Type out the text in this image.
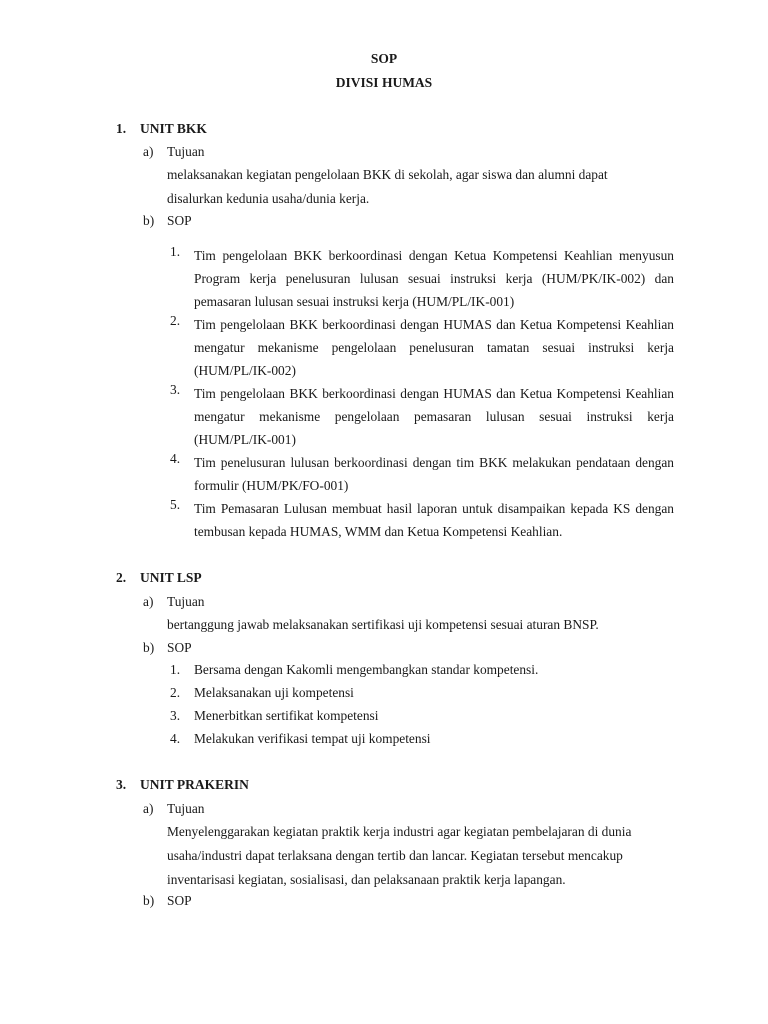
SOP
DIVISI HUMAS
1. UNIT BKK
a) Tujuan
melaksanakan kegiatan pengelolaan BKK di sekolah, agar siswa dan alumni dapat
disalurkan kedunia usaha/dunia kerja.
b) SOP
1. Tim pengelolaan BKK berkoordinasi dengan Ketua Kompetensi Keahlian menyusun Program kerja penelusuran lulusan sesuai instruksi kerja (HUM/PK/IK-002) dan pemasaran lulusan sesuai instruksi kerja (HUM/PL/IK-001)
2. Tim pengelolaan BKK berkoordinasi dengan HUMAS dan Ketua Kompetensi Keahlian mengatur mekanisme pengelolaan penelusuran tamatan sesuai instruksi kerja (HUM/PL/IK-002)
3. Tim pengelolaan BKK berkoordinasi dengan HUMAS dan Ketua Kompetensi Keahlian mengatur mekanisme pengelolaan pemasaran lulusan sesuai instruksi kerja (HUM/PL/IK-001)
4. Tim penelusuran lulusan berkoordinasi dengan tim BKK melakukan pendataan dengan formulir (HUM/PK/FO-001)
5. Tim Pemasaran Lulusan membuat hasil laporan untuk disampaikan kepada KS dengan tembusan kepada HUMAS, WMM dan Ketua Kompetensi Keahlian.
2. UNIT LSP
a) Tujuan
bertanggung jawab melaksanakan sertifikasi uji kompetensi sesuai aturan BNSP.
b) SOP
1. Bersama dengan Kakomli mengembangkan standar kompetensi.
2. Melaksanakan uji kompetensi
3. Menerbitkan sertifikat kompetensi
4. Melakukan verifikasi tempat uji kompetensi
3. UNIT PRAKERIN
a) Tujuan
Menyelenggarakan kegiatan praktik kerja industri agar kegiatan pembelajaran di dunia
usaha/industri dapat terlaksana dengan tertib dan lancar. Kegiatan tersebut mencakup
inventarisasi kegiatan, sosialisasi, dan pelaksanaan praktik kerja lapangan.
b) SOP
